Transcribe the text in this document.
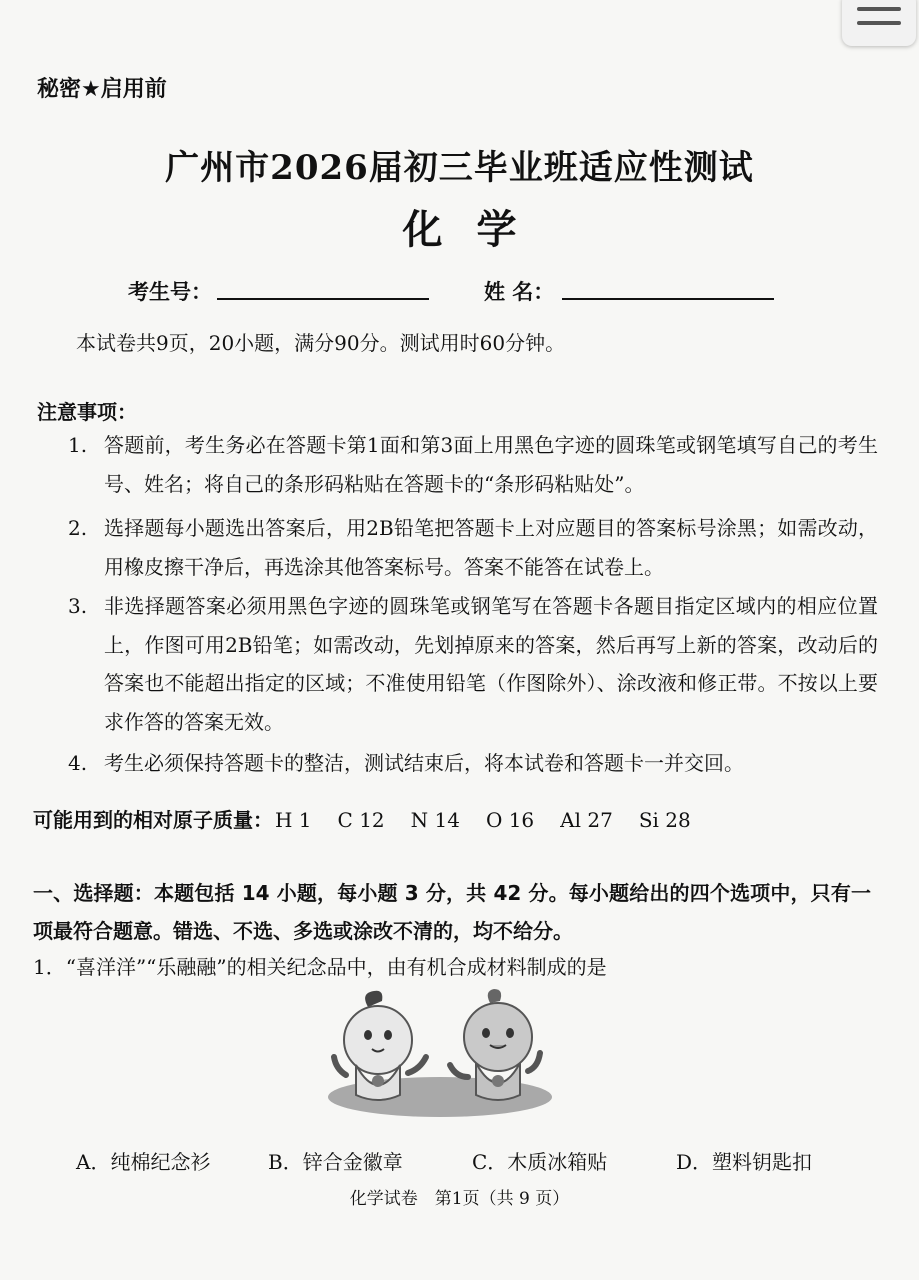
秘密★启用前
广州市2026届初三毕业班适应性测试
化学
考生号：	姓 名：
本试卷共9页，20小题，满分90分。测试用时60分钟。
注意事项：
1. 答题前，考生务必在答题卡第1面和第3面上用黑色字迹的圆珠笔或钢笔填写自己的考生号、姓名；将自己的条形码粘贴在答题卡的“条形码粘贴处”。
2. 选择题每小题选出答案后，用2B铅笔把答题卡上对应题目的答案标号涂黑；如需改动，用橡皮擦干净后，再选涂其他答案标号。答案不能答在试卷上。
3. 非选择题答案必须用黑色字迹的圆珠笔或钢笔写在答题卡各题目指定区域内的相应位置上，作图可用2B铅笔；如需改动，先划掉原来的答案，然后再写上新的答案，改动后的答案也不能超出指定的区域；不准使用铅笔（作图除外）、涂改液和修正带。不按以上要求作答的答案无效。
4. 考生必须保持答题卡的整洁，测试结束后，将本试卷和答题卡一并交回。
可能用到的相对原子质量： H 1 C 12 N 14 O 16 Al 27 Si 28
一、选择题：本题包括 14 小题，每小题 3 分，共 42 分。每小题给出的四个选项中，只有一项最符合题意。错选、不选、多选或涂改不清的，均不给分。
1．“喜洋洋”“乐融融”的相关纪念品中，由有机合成材料制成的是
A．纯棉纪念衫	B．锌合金徽章	C．木质冰箱贴	D．塑料钥匙扣
化学试卷　第1页（共 9 页）
